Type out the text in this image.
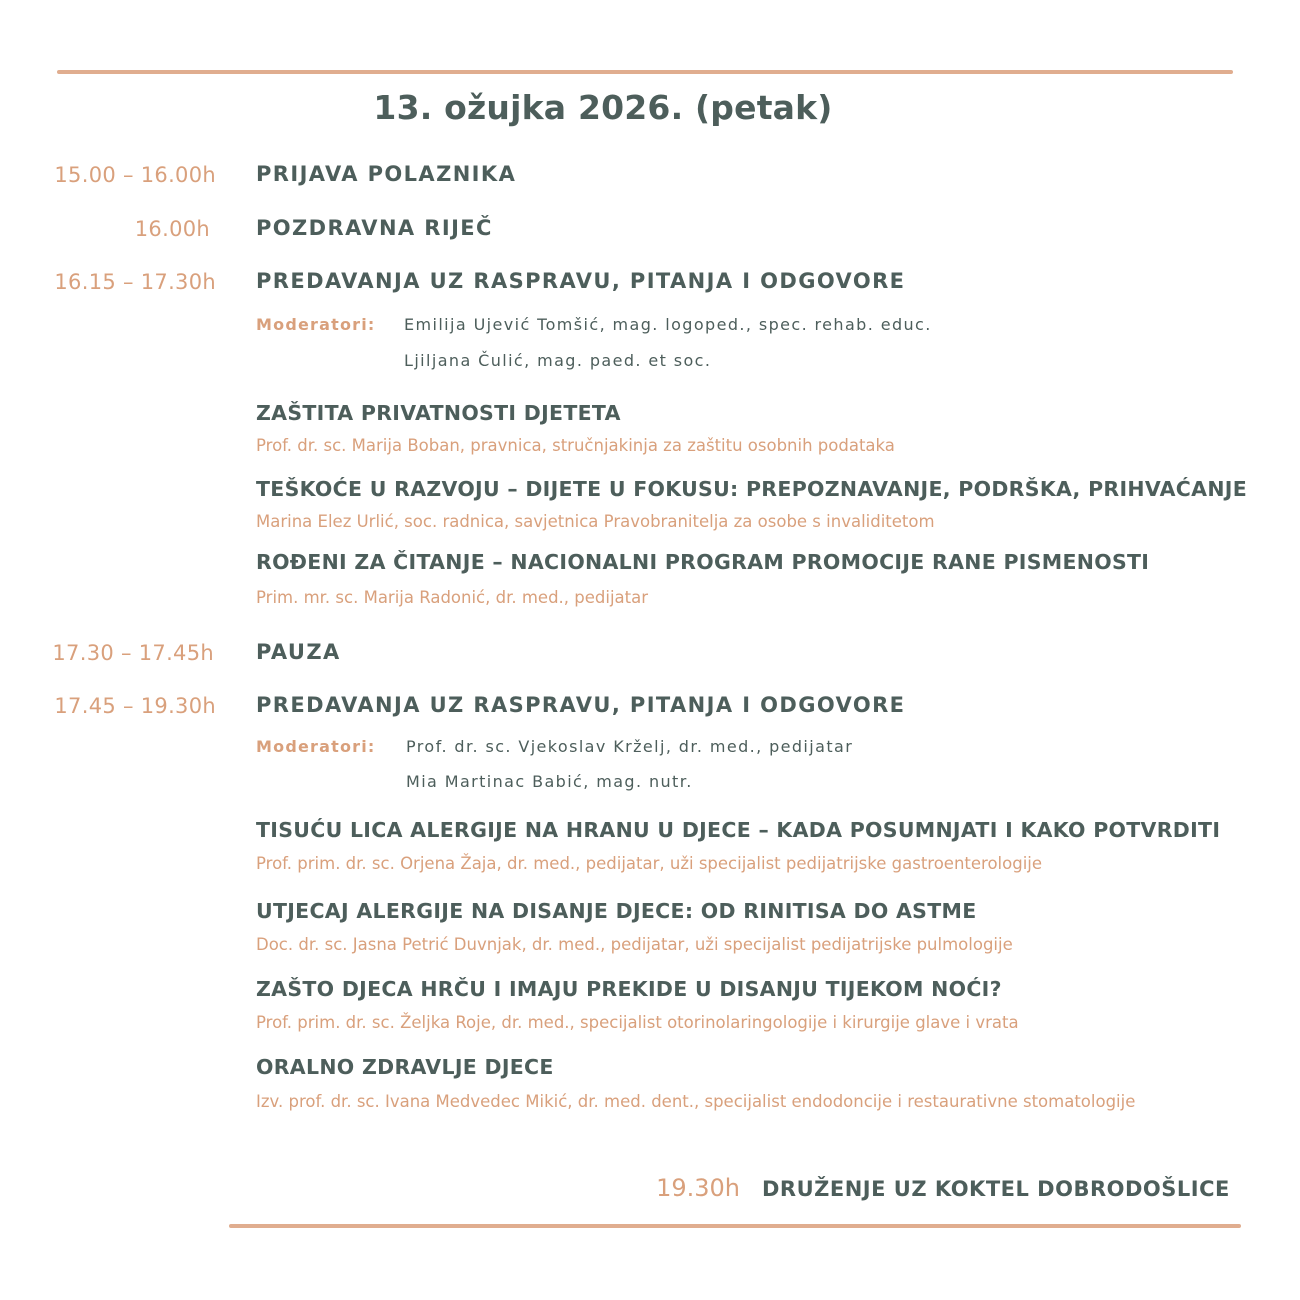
13. ožujka 2026. (petak)
15.00 – 16.00h PRIJAVA POLAZNIKA
16.00h POZDRAVNA RIJEČ
16.15 – 17.30h PREDAVANJA UZ RASPRAVU, PITANJA I ODGOVORE
Moderatori: Emilija Ujević Tomšić, mag. logoped., spec. rehab. educ.
Ljiljana Čulić, mag. paed. et soc.
ZAŠTITA PRIVATNOSTI DJETETA
Prof. dr. sc. Marija Boban, pravnica, stručnjakinja za zaštitu osobnih podataka
TEŠKOĆE U RAZVOJU – DIJETE U FOKUSU: PREPOZNAVANJE, PODRŠKA, PRIHVAĆANJE
Marina Elez Urlić, soc. radnica, savjetnica Pravobranitelja za osobe s invaliditetom
ROĐENI ZA ČITANJE – NACIONALNI PROGRAM PROMOCIJE RANE PISMENOSTI
Prim. mr. sc. Marija Radonić, dr. med., pedijatar
17.30 – 17.45h PAUZA
17.45 – 19.30h PREDAVANJA UZ RASPRAVU, PITANJA I ODGOVORE
Moderatori: Prof. dr. sc. Vjekoslav Krželj, dr. med., pedijatar
Mia Martinac Babić, mag. nutr.
TISUĆU LICA ALERGIJE NA HRANU U DJECE – KADA POSUMNJATI I KAKO POTVRDITI
Prof. prim. dr. sc. Orjena Žaja, dr. med., pedijatar, uži specijalist pedijatrijske gastroenterologije
UTJECAJ ALERGIJE NA DISANJE DJECE: OD RINITISA DO ASTME
Doc. dr. sc. Jasna Petrić Duvnjak, dr. med., pedijatar, uži specijalist pedijatrijske pulmologije
ZAŠTO DJECA HRČU I IMAJU PREKIDE U DISANJU TIJEKOM NOĆI?
Prof. prim. dr. sc. Željka Roje, dr. med., specijalist otorinolaringologije i kirurgije glave i vrata
ORALNO ZDRAVLJE DJECE
Izv. prof. dr. sc. Ivana Medvedec Mikić, dr. med. dent., specijalist endodoncije i restaurativne stomatologije
19.30h DRUŽENJE UZ KOKTEL DOBRODOŠLICE
